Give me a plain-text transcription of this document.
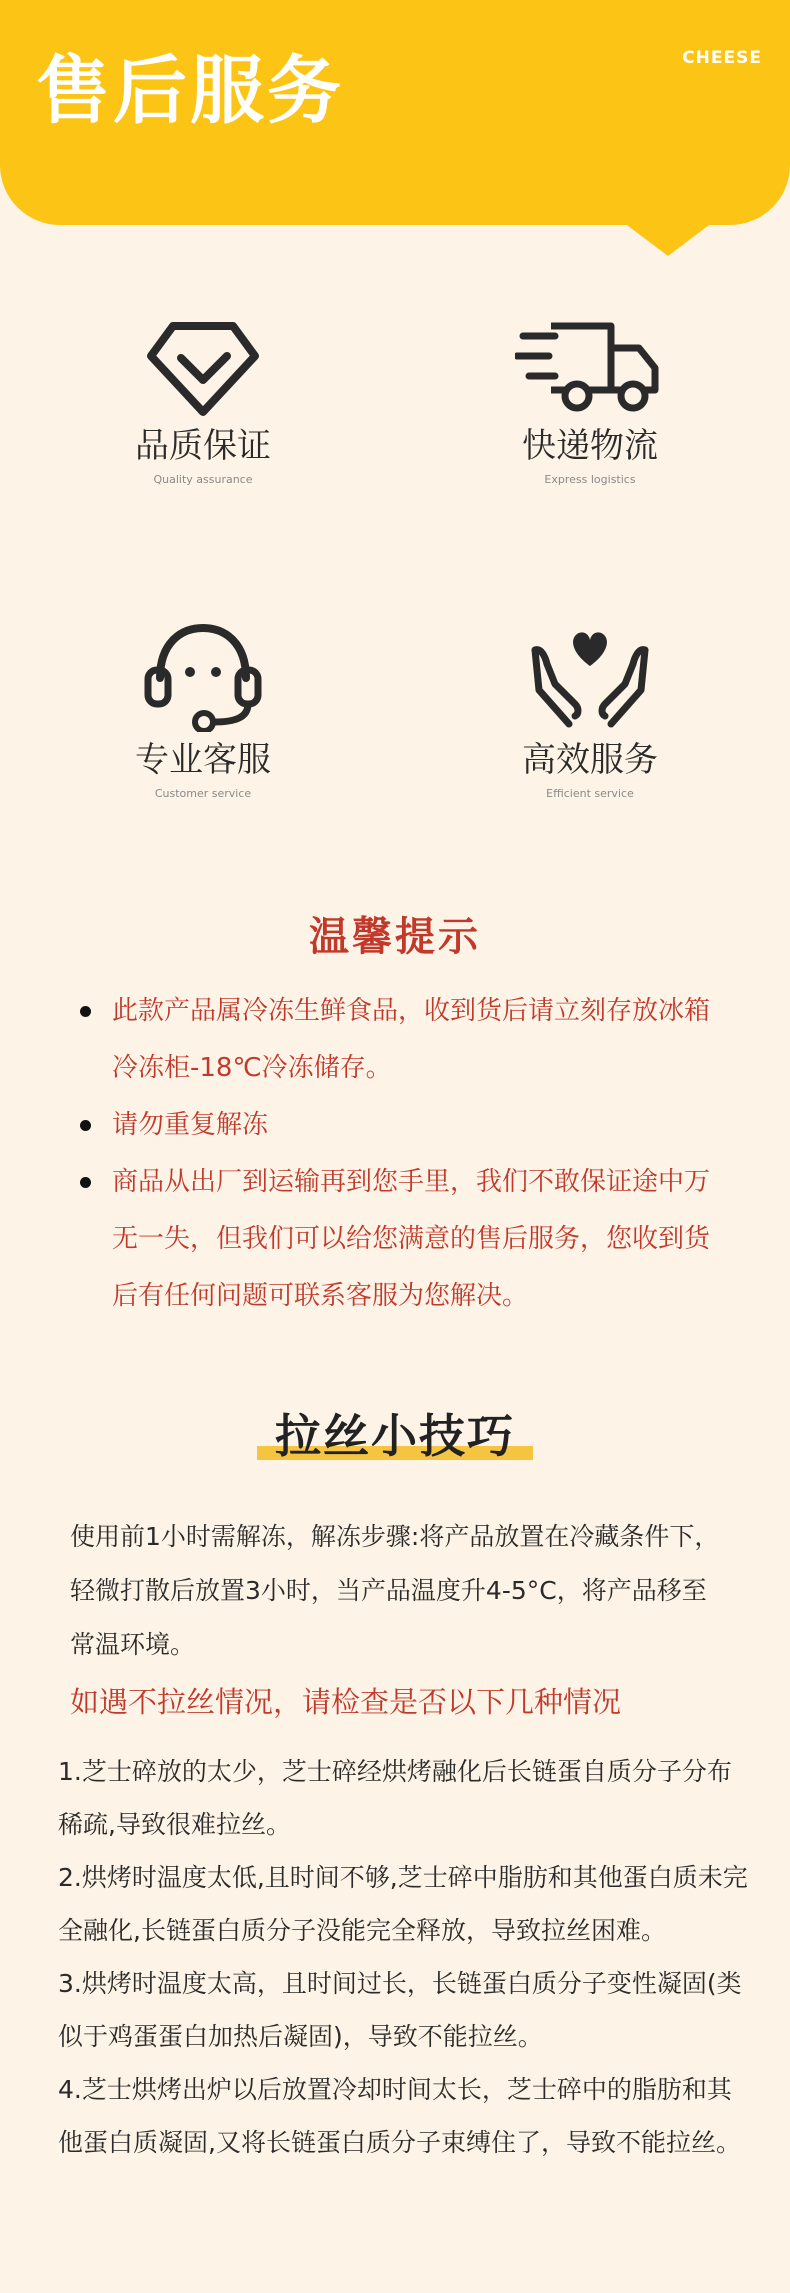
售后服务	CHEESE
品质保证
Quality assurance
快递物流
Express logistics
专业客服
Customer service
高效服务
Efficient service
温馨提示
此款产品属冷冻生鲜食品，收到货后请立刻存放冰箱冷冻柜-18℃冷冻储存。
请勿重复解冻
商品从出厂到运输再到您手里，我们不敢保证途中万无一失，但我们可以给您满意的售后服务，您收到货后有任何问题可联系客服为您解决。
拉丝小技巧
使用前1小时需解冻，解冻步骤:将产品放置在冷藏条件下，轻微打散后放置3小时，当产品温度升4-5°C，将产品移至常温环境。
如遇不拉丝情况，请检查是否以下几种情况

1.芝士碎放的太少，芝士碎经烘烤融化后长链蛋自质分子分布稀疏,导致很难拉丝。

2.烘烤时温度太低,且时间不够,芝士碎中脂肪和其他蛋白质未完全融化,长链蛋白质分子没能完全释放，导致拉丝困难。

3.烘烤时温度太高，且时间过长，长链蛋白质分子变性凝固(类似于鸡蛋蛋白加热后凝固)，导致不能拉丝。

4.芝士烘烤出炉以后放置冷却时间太长，芝士碎中的脂肪和其他蛋白质凝固,又将长链蛋白质分子束缚住了，导致不能拉丝。
